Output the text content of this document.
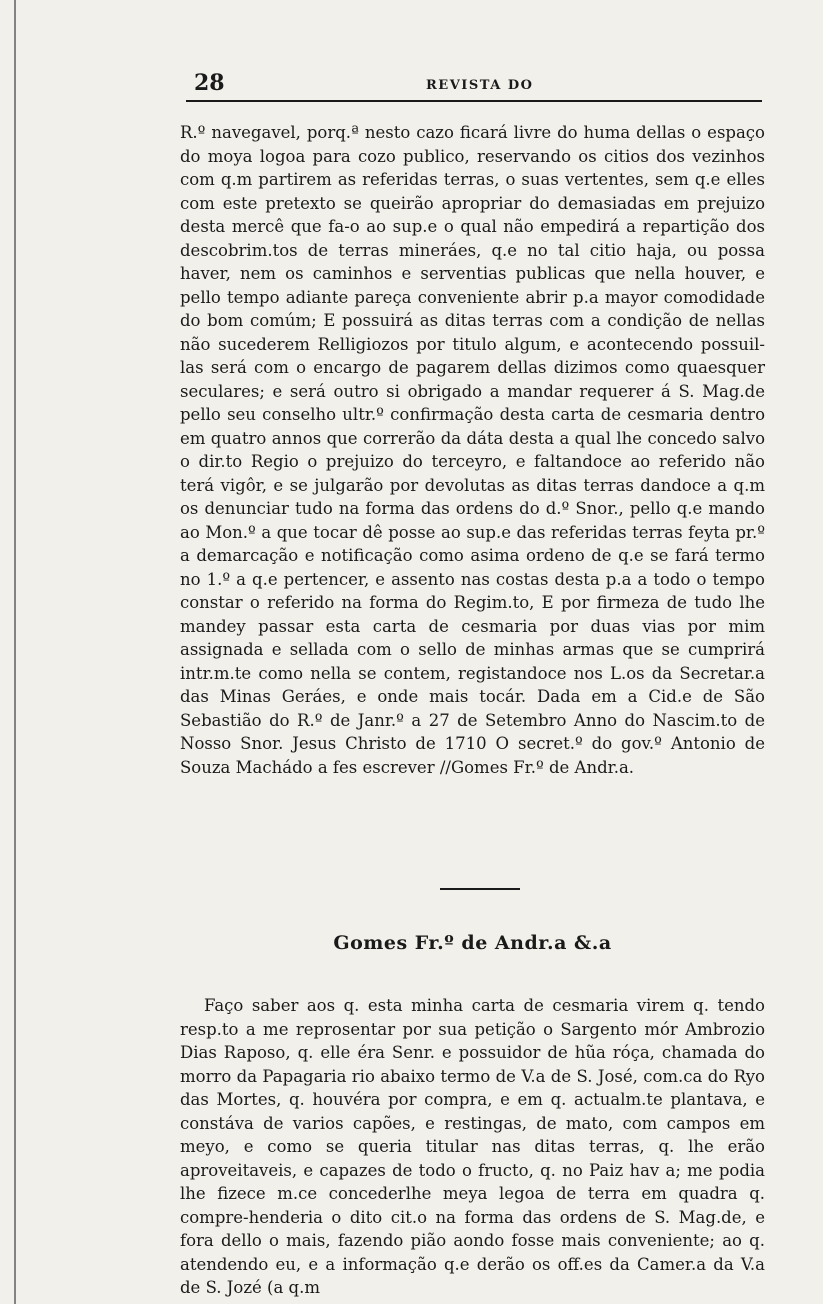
28	REVISTA DO

R.º navegavel, porq.ª nesto cazo ficará livre do huma dellas o espaço do moya logoa para cozo publico, reservando os citios dos vezinhos com q.m partirem as referidas terras, o suas vertentes, sem q.e elles com este pretexto se queirão apropriar do demasiadas em prejuizo desta mercê que fa-o ao sup.e o qual não empedirá a repartição dos descobrim.tos de terras mineráes, q.e no tal citio haja, ou possa haver, nem os caminhos e serventias publicas que nella houver, e pello tempo adiante pareça conveniente abrir p.a mayor comodidade do bom comúm; E possuirá as ditas terras com a condição de nellas não sucederem Relligiozos por titulo algum, e acontecendo possuil-las será com o encargo de pagarem dellas dizimos como quaesquer seculares; e será outro si obrigado a mandar requerer á S. Mag.de pello seu conselho ultr.º confirmação desta carta de cesmaria dentro em quatro annos que correrão da dáta desta a qual lhe concedo salvo o dir.to Regio o prejuizo do terceyro, e faltandoce ao referido não terá vigôr, e se julgarão por devolutas as ditas terras dandoce a q.m os denunciar tudo na forma das ordens do d.º Snor., pello q.e mando ao Mon.º a que tocar dê posse ao sup.e das referidas terras feyta pr.º a demarcação e notificação como asima ordeno de q.e se fará termo no 1.º a q.e pertencer, e assento nas costas desta p.a a todo o tempo constar o referido na forma do Regim.to, E por firmeza de tudo lhe mandey passar esta carta de cesmaria por duas vias por mim assignada e sellada com o sello de minhas armas que se cumprirá intr.m.te como nella se contem, registandoce nos L.os da Secretar.a das Minas Geráes, e onde mais tocár. Dada em a Cid.e de São Sebastião do R.º de Janr.º a 27 de Setembro Anno do Nascim.to de Nosso Snor. Jesus Christo de 1710 O secret.º do gov.º Antonio de Souza Machádo a fes escrever //Gomes Fr.º de Andr.a.

Gomes Fr.º de Andr.a &.a

Faço saber aos q. esta minha carta de cesmaria virem q. tendo resp.to a me reprosentar por sua petição o Sargento mór Ambrozio Dias Raposo, q. elle éra Senr. e possuidor de hũa róça, chamada do morro da Papagaria rio abaixo termo de V.a de S. José, com.ca do Ryo das Mortes, q. houvéra por compra, e em q. actualm.te plantava, e constáva de varios capões, e restingas, de mato, com campos em meyo, e como se queria titular nas ditas terras, q. lhe erão aproveitaveis, e capazes de todo o fructo, q. no Paiz hav a; me podia lhe fizece m.ce concederlhe meya legoa de terra em quadra q. compre-henderia o dito cit.o na forma das ordens de S. Mag.de, e fora dello o mais, fazendo pião aondo fosse mais conveniente; ao q. atendendo eu, e a informação q.e derão os off.es da Camer.a da V.a de S. Jozé (a q.m
